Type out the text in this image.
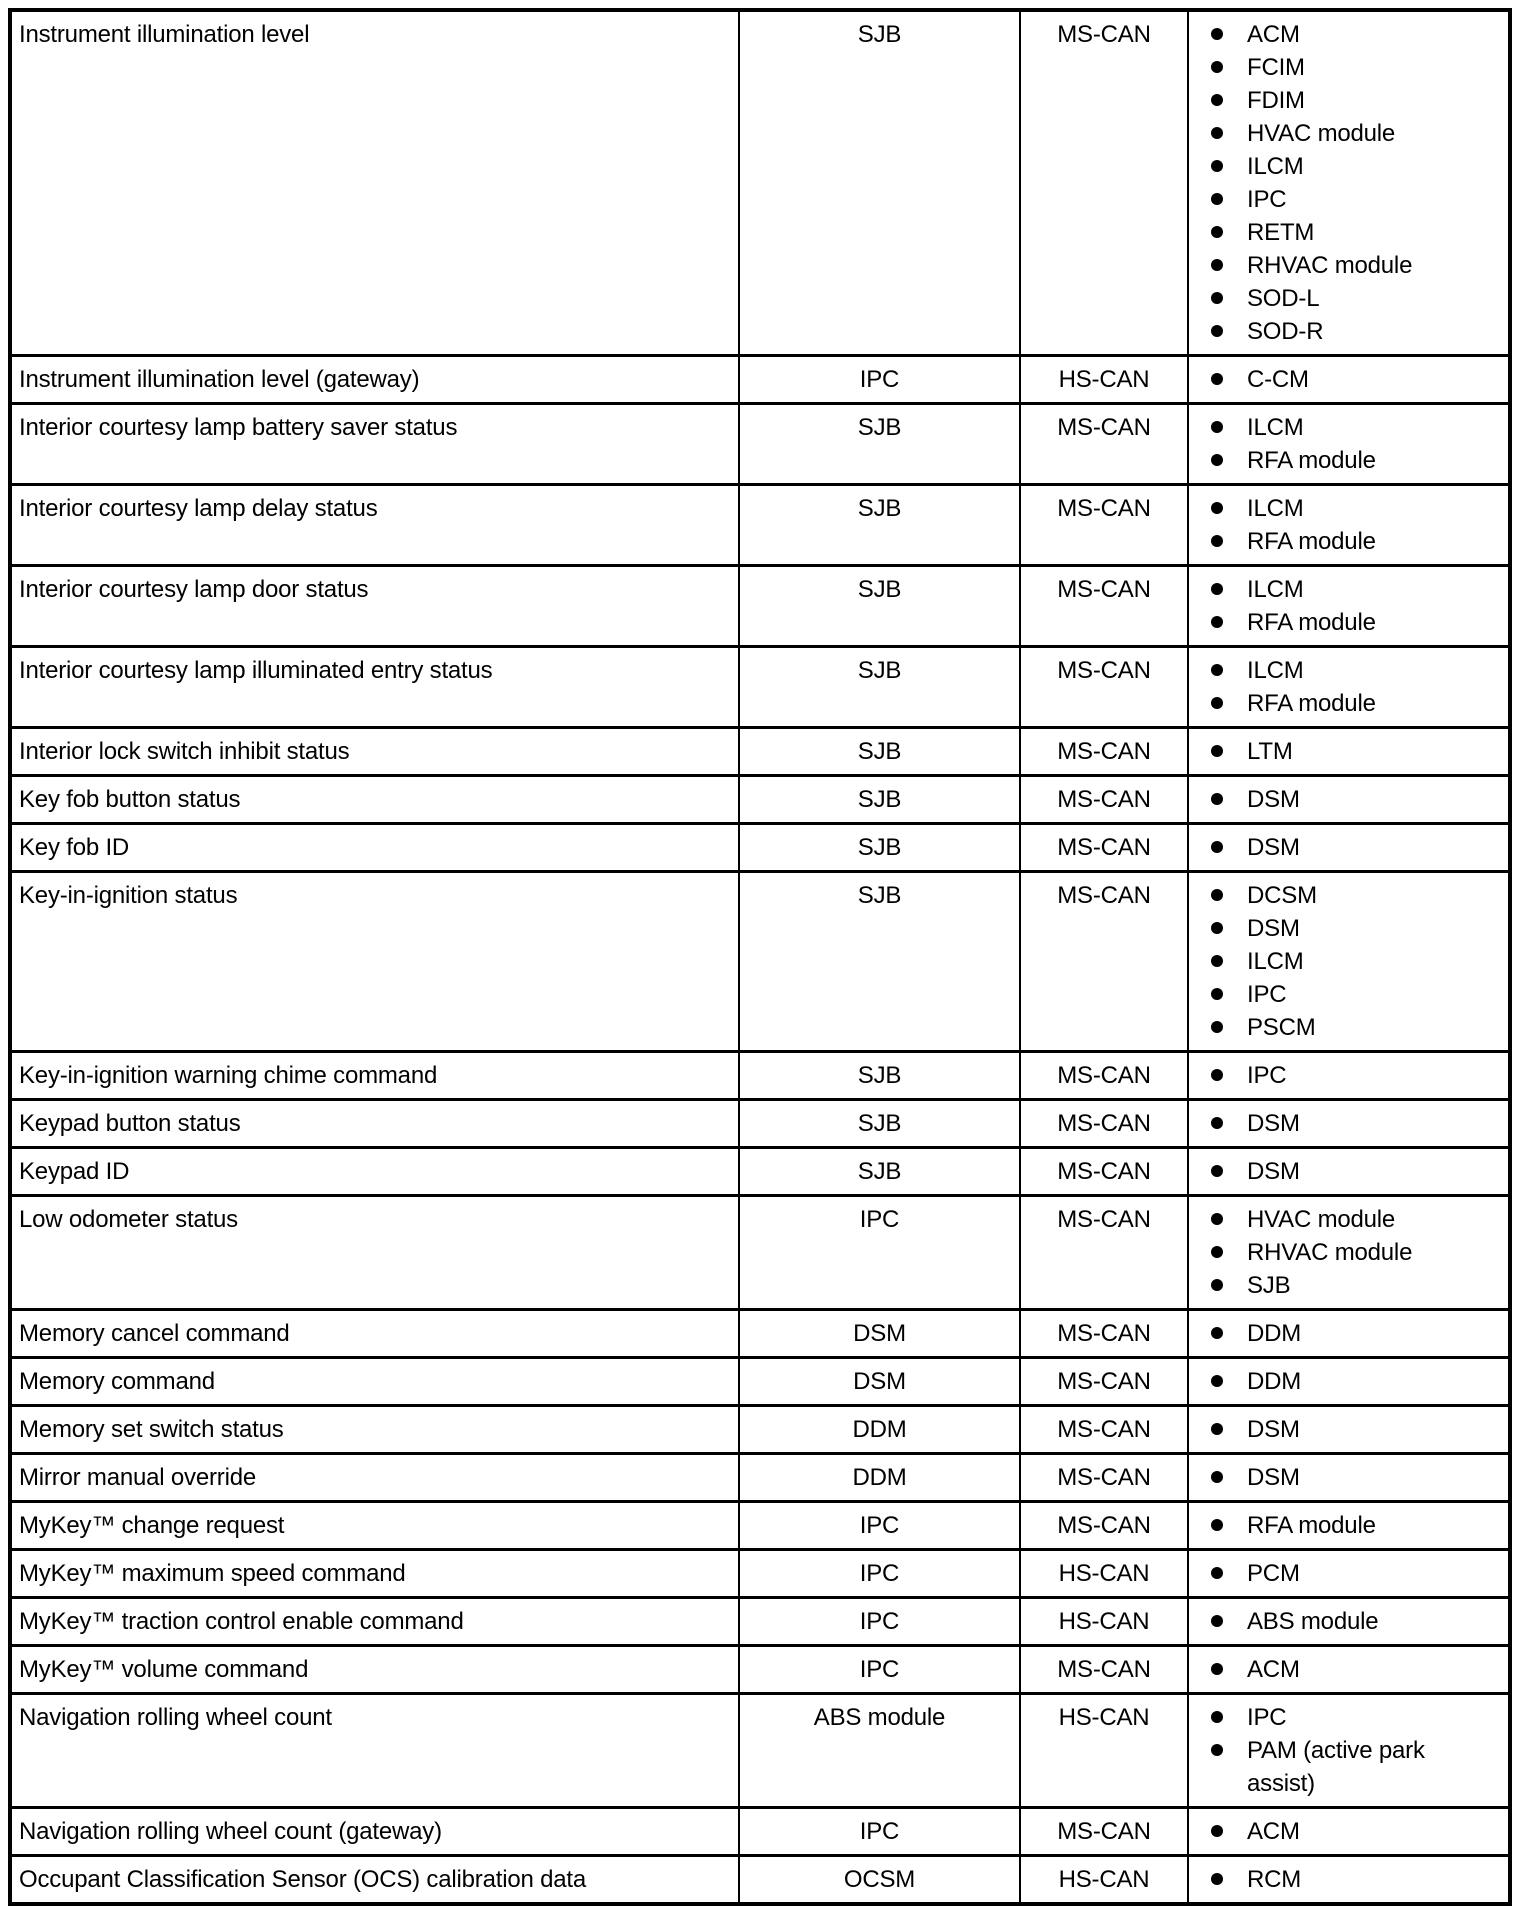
Instrument illumination level	SJB	MS-CAN	ACM
FCIM
FDIM
HVAC module
ILCM
IPC
RETM
RHVAC module
SOD-L
SOD-R

Instrument illumination level (gateway)	IPC	HS-CAN	C-CM

Interior courtesy lamp battery saver status	SJB	MS-CAN	ILCM
RFA module

Interior courtesy lamp delay status	SJB	MS-CAN	ILCM
RFA module

Interior courtesy lamp door status	SJB	MS-CAN	ILCM
RFA module

Interior courtesy lamp illuminated entry status	SJB	MS-CAN	ILCM
RFA module

Interior lock switch inhibit status	SJB	MS-CAN	LTM

Key fob button status	SJB	MS-CAN	DSM

Key fob ID	SJB	MS-CAN	DSM

Key-in-ignition status	SJB	MS-CAN	DCSM
DSM
ILCM
IPC
PSCM

Key-in-ignition warning chime command	SJB	MS-CAN	IPC

Keypad button status	SJB	MS-CAN	DSM

Keypad ID	SJB	MS-CAN	DSM

Low odometer status	IPC	MS-CAN	HVAC module
RHVAC module
SJB

Memory cancel command	DSM	MS-CAN	DDM

Memory command	DSM	MS-CAN	DDM

Memory set switch status	DDM	MS-CAN	DSM

Mirror manual override	DDM	MS-CAN	DSM

MyKey™ change request	IPC	MS-CAN	RFA module

MyKey™ maximum speed command	IPC	HS-CAN	PCM

MyKey™ traction control enable command	IPC	HS-CAN	ABS module

MyKey™ volume command	IPC	MS-CAN	ACM

Navigation rolling wheel count	ABS module	HS-CAN	IPC
PAM (active park assist)

Navigation rolling wheel count (gateway)	IPC	MS-CAN	ACM

Occupant Classification Sensor (OCS) calibration data	OCSM	HS-CAN	RCM
